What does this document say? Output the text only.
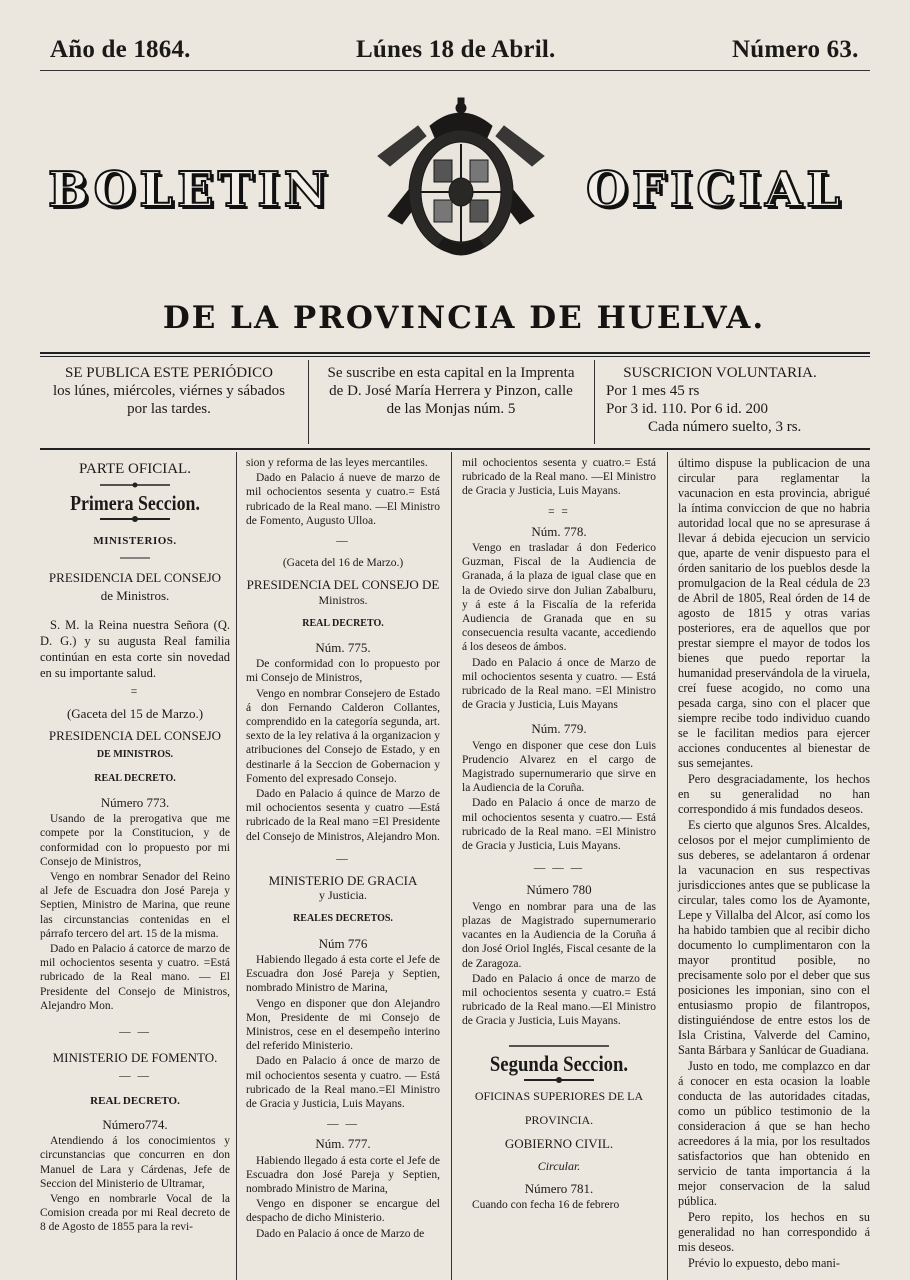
Año de 1864.	Lúnes 18 de Abril.	Número 63.
BOLETIN	OFICIAL
DE LA PROVINCIA DE HUELVA.
SE PUBLICA ESTE PERIÓDICO
los lúnes, miércoles, viérnes y sábados
por las tardes.
Se suscribe en esta capital en la Imprenta
de D. José María Herrera y Pinzon, calle
de las Monjas núm. 5
SUSCRICION VOLUNTARIA.
Por 1 mes 45 rs
Por 3 id. 110. Por 6 id. 200
Cada número suelto, 3 rs.
PARTE OFICIAL.
Primera Seccion.
MINISTERIOS.
PRESIDENCIA DEL CONSEJO
de Ministros.

S. M. la Reina nuestra Señora (Q. D. G.) y su augusta Real familia continúan en esta corte sin novedad en su importante salud.

=
(Gaceta del 15 de Marzo.)
PRESIDENCIA DEL CONSEJO
DE MINISTROS.
REAL DECRETO.
Número 773.

Usando de la prerogativa que me compete por la Constitucion, y de conformidad con lo propuesto por mi Consejo de Ministros,

Vengo en nombrar Senador del Reino al Jefe de Escuadra don José Pareja y Septien, Ministro de Marina, que reune las circunstancias contenidas en el párrafo tercero del art. 15 de la misma.

Dado en Palacio á catorce de marzo de mil ochocientos sesenta y cuatro. =Está rubricado de la Real mano. — El Presidente del Consejo de Ministros, Alejandro Mon.

— —
MINISTERIO DE FOMENTO.
— —
REAL DECRETO.
Número774.

Atendiendo á los conocimientos y circunstancias que concurren en don Manuel de Lara y Cárdenas, Jefe de Seccion del Ministerio de Ultramar,

Vengo en nombrarle Vocal de la Comision creada por mi Real decreto de 8 de Agosto de 1855 para la revi-

sion y reforma de las leyes mercantiles.

Dado en Palacio á nueve de marzo de mil ochocientos sesenta y cuatro.= Está rubricado de la Real mano. —El Ministro de Fomento, Augusto Ulloa.

—
(Gaceta del 16 de Marzo.)
PRESIDENCIA DEL CONSEJO DE
Ministros.
REAL DECRETO.
Núm. 775.

De conformidad con lo propuesto por mi Consejo de Ministros,

Vengo en nombrar Consejero de Estado á don Fernando Calderon Collantes, comprendido en la categoría segunda, art. sexto de la ley relativa á la organizacion y atribuciones del Consejo de Estado, y en destinarle á la Seccion de Gobernacion y Fomento del expresado Consejo.

Dado en Palacio á quince de Marzo de mil ochocientos sesenta y cuatro —Está rubricado de la Real mano =El Presidente del Consejo de Ministros, Alejandro Mon.

—
MINISTERIO DE GRACIA
y Justicia.
REALES DECRETOS.
Núm 776

Habiendo llegado á esta corte el Jefe de Escuadra don José Pareja y Septien, nombrado Ministro de Marina,

Vengo en disponer que don Alejandro Mon, Presidente de mi Consejo de Ministros, cese en el desempeño interino del referido Ministerio.

Dado en Palacio á once de marzo de mil ochocientos sesenta y cuatro. — Está rubricado de la Real mano.=El Ministro de Gracia y Justicia, Luis Mayans.

— —
Núm. 777.

Habiendo llegado á esta corte el Jefe de Escuadra don José Pareja y Septien, nombrado Ministro de Marina,

Vengo en disponer se encargue del despacho de dicho Ministerio.

Dado en Palacio á once de Marzo de

mil ochocientos sesenta y cuatro.= Está rubricado de la Real mano. —El Ministro de Gracia y Justicia, Luis Mayans.

= =
Núm. 778.

Vengo en trasladar á don Federico Guzman, Fiscal de la Audiencia de Granada, á la plaza de igual clase que en la de Oviedo sirve don Julian Zabalburu, y á este á la Fiscalía de la referida Audiencia de Granada que en su consecuencia resulta vacante, accediendo á los deseos de ámbos.

Dado en Palacio á once de Marzo de mil ochocientos sesenta y cuatro. — Está rubricado de la Real mano. =El Ministro de Gracia y Justicia, Luis Mayans

Núm. 779.

Vengo en disponer que cese don Luis Prudencio Alvarez en el cargo de Magistrado supernumerario que sirve en la Audiencia de la Coruña.

Dado en Palacio á once de marzo de mil ochocientos sesenta y cuatro.— Está rubricado de la Real mano. =El Ministro de Gracia y Justicia, Luis Mayans.

— — —
Número 780

Vengo en nombrar para una de las plazas de Magistrado supernumerario vacantes en la Audiencia de la Coruña á don José Oriol Inglés, Fiscal cesante de la de Zaragoza.

Dado en Palacio á once de marzo de mil ochocientos sesenta y cuatro.= Está rubricado de la Real mano.—El Ministro de Gracia y Justicia, Luis Mayans.

Segunda Seccion.
OFICINAS SUPERIORES DE LA
PROVINCIA.
GOBIERNO CIVIL.
Circular.
Número 781.

Cuando con fecha 16 de febrero

último dispuse la publicacion de una circular para reglamentar la vacunacion en esta provincia, abrigué la íntima conviccion de que no habria autoridad local que no se apresurase á llevar á debida ejecucion un servicio que, aparte de venir dispuesto para el órden sanitario de los pueblos desde la promulgacion de la Real cédula de 23 de Abril de 1805, Real órden de 14 de agosto de 1815 y otras varias posteriores, era de aquellos que por prestar siempre el mayor de todos los bienes que puedo reportar la humanidad preservándola de la viruela, creí fuese acogido, no como una pesada carga, sino con el placer que siempre recibe todo individuo cuando se le facilitan medios para ejercer acciones conducentes al bienestar de sus semejantes.

Pero desgraciadamente, los hechos en su generalidad no han correspondido á mis fundados deseos.

Es cierto que algunos Sres. Alcaldes, celosos por el mejor cumplimiento de sus deberes, se adelantaron á ordenar la vacunacion en sus respectivas jurisdicciones antes que se publicase la circular, tales como los de Ayamonte, Lepe y Villalba del Alcor, así como los ha habido tambien que al recibir dicho documento lo cumplimentaron con la mayor prontitud posible, no precisamente solo por el deber que sus posiciones les imponian, sino con el entusiasmo propio de filantropos, distinguiéndose de entre estos los de Isla Cristina, Valverde del Camino, Santa Bárbara y Sanlúcar de Guadiana.

Justo en todo, me complazco en dar á conocer en esta ocasion la loable conducta de las autoridades citadas, como un público testimonio de la consideracion á que se han hecho acreedores á la mia, por los resultados satisfactorios que han obtenido en servicio de tanta importancia á la mejor conservacion de la salud pública.

Pero repito, los hechos en su generalidad no han correspondido á mis deseos.

Prévio lo expuesto, debo mani-
